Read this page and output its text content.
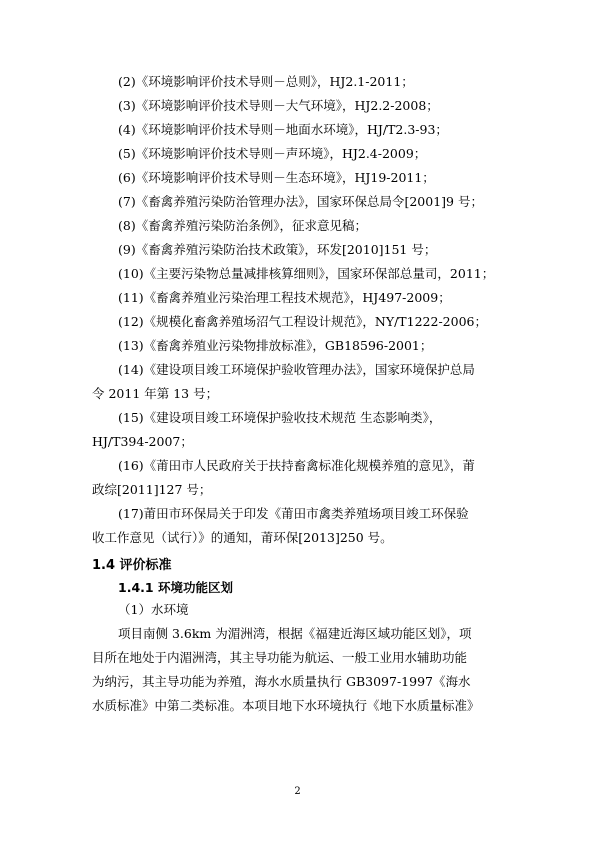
(2)《环境影响评价技术导则－总则》，HJ2.1-2011；
(3)《环境影响评价技术导则－大气环境》，HJ2.2-2008；
(4)《环境影响评价技术导则－地面水环境》，HJ/T2.3-93；
(5)《环境影响评价技术导则－声环境》，HJ2.4-2009；
(6)《环境影响评价技术导则－生态环境》，HJ19-2011；
(7)《畜禽养殖污染防治管理办法》，国家环保总局令[2001]9 号；
(8)《畜禽养殖污染防治条例》，征求意见稿；
(9)《畜禽养殖污染防治技术政策》，环发[2010]151 号；
(10)《主要污染物总量减排核算细则》，国家环保部总量司，2011；
(11)《畜禽养殖业污染治理工程技术规范》，HJ497-2009；
(12)《规模化畜禽养殖场沼气工程设计规范》，NY/T1222-2006；
(13)《畜禽养殖业污染物排放标准》，GB18596-2001；
(14)《建设项目竣工环境保护验收管理办法》，国家环境保护总局
令 2011 年第 13 号；
(15)《建设项目竣工环境保护验收技术规范 生态影响类》，
HJ/T394-2007；
(16)《莆田市人民政府关于扶持畜禽标准化规模养殖的意见》，莆
政综[2011]127 号；
(17)莆田市环保局关于印发《莆田市禽类养殖场项目竣工环保验
收工作意见（试行）》的通知，莆环保[2013]250 号。
1.4 评价标准
1.4.1 环境功能区划
（1）水环境
项目南侧 3.6km 为湄洲湾，根据《福建近海区域功能区划》，项
目所在地处于内湄洲湾，其主导功能为航运、一般工业用水辅助功能
为纳污，其主导功能为养殖，海水水质量执行 GB3097-1997《海水
水质标准》中第二类标准。本项目地下水环境执行《地下水质量标准》
2
